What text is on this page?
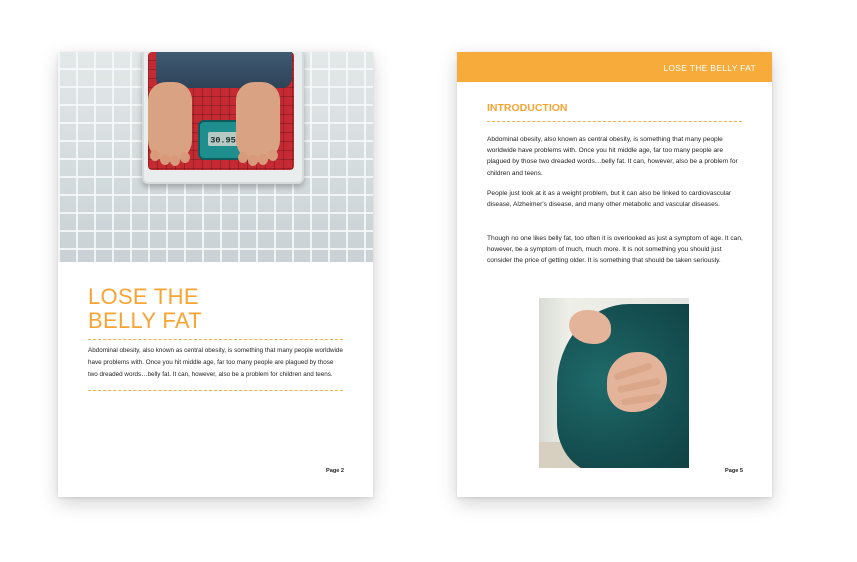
30.95
LOSE THE
BELLY FAT

Abdominal obesity, also known as central obesity, is something that many people worldwide have problems with. Once you hit middle age, far too many people are plagued by those two dreaded words…belly fat. It can, however, also be a problem for children and teens.

Page 2
LOSE THE BELLY FAT
INTRODUCTION

Abdominal obesity, also known as central obesity, is something that many people worldwide have problems with. Once you hit middle age, far too many people are plagued by those two dreaded words…belly fat. It can, however, also be a problem for children and teens.

People just look at it as a weight problem, but it can also be linked to cardiovascular disease, Alzheimer's disease, and many other metabolic and vascular diseases.

Though no one likes belly fat, too often it is overlooked as just a symptom of age. It can, however, be a symptom of much, much more. It is not something you should just consider the price of getting older. It is something that should be taken seriously.

Page 5
